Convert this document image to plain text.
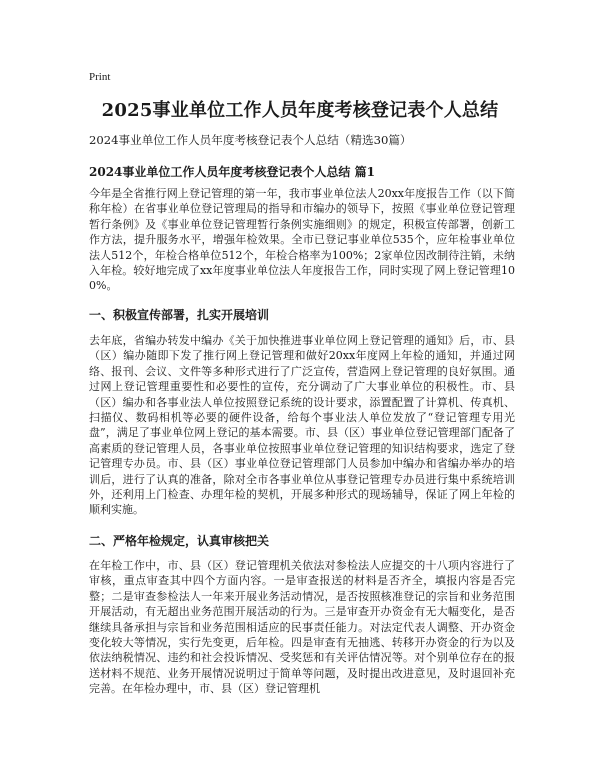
Print
2025事业单位工作人员年度考核登记表个人总结
2024事业单位工作人员年度考核登记表个人总结（精选30篇）
2024事业单位工作人员年度考核登记表个人总结 篇1

今年是全省推行网上登记管理的第一年，我市事业单位法人20xx年度报告工作（以下简称年检）在省事业单位登记管理局的指导和市编办的领导下，按照《事业单位登记管理暂行条例》及《事业单位登记管理暂行条例实施细则》的规定，积极宣传部署，创新工作方法，提升服务水平，增强年检效果。全市已登记事业单位535个，应年检事业单位法人512个，年检合格单位512个，年检合格率为100%；2家单位因改制待注销，未纳入年检。较好地完成了xx年度事业单位法人年度报告工作，同时实现了网上登记管理100%。

一、积极宣传部署，扎实开展培训

去年底，省编办转发中编办《关于加快推进事业单位网上登记管理的通知》后，市、县（区）编办随即下发了推行网上登记管理和做好20xx年度网上年检的通知，并通过网络、报刊、会议、文件等多种形式进行了广泛宣传，营造网上登记管理的良好氛围。通过网上登记管理重要性和必要性的宣传，充分调动了广大事业单位的积极性。市、县（区）编办和各事业法人单位按照登记系统的设计要求，添置配置了计算机、传真机、扫描仪、数码相机等必要的硬件设备，给每个事业法人单位发放了“登记管理专用光盘”，满足了事业单位网上登记的基本需要。市、县（区）事业单位登记管理部门配备了高素质的登记管理人员，各事业单位按照事业单位登记管理的知识结构要求，选定了登记管理专办员。市、县（区）事业单位登记管理部门人员参加中编办和省编办举办的培训后，进行了认真的准备，除对全市各事业单位从事登记管理专办员进行集中系统培训外，还利用上门检查、办理年检的契机，开展多种形式的现场辅导，保证了网上年检的顺利实施。

二、严格年检规定，认真审核把关

在年检工作中，市、县（区）登记管理机关依法对参检法人应提交的十八项内容进行了审核，重点审查其中四个方面内容。一是审查报送的材料是否齐全，填报内容是否完整；二是审查参检法人一年来开展业务活动情况，是否按照核准登记的宗旨和业务范围开展活动，有无超出业务范围开展活动的行为。三是审查开办资金有无大幅变化，是否继续具备承担与宗旨和业务范围相适应的民事责任能力。对法定代表人调整、开办资金变化较大等情况，实行先变更，后年检。四是审查有无抽逃、转移开办资金的行为以及依法纳税情况、违约和社会投诉情况、受奖惩和有关评估情况等。对个别单位存在的报送材料不规范、业务开展情况说明过于简单等问题，及时提出改进意见，及时退回补充完善。在年检办理中，市、县（区）登记管理机
